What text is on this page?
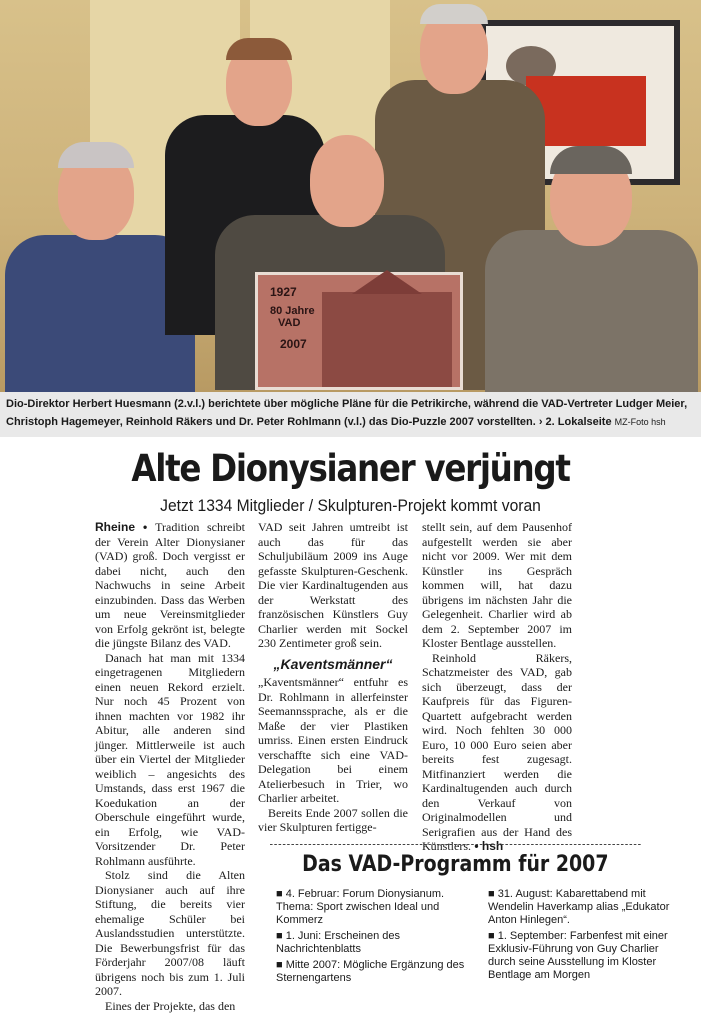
1927
80 Jahre
VAD
2007
Dio-Direktor Herbert Huesmann (2.v.l.) berichtete über mögliche Pläne für die Petrikirche, während die VAD-Vertreter Ludger Meier, Christoph Hagemeyer, Reinhold Räkers und Dr. Peter Rohlmann (v.l.) das Dio-Puzzle 2007 vorstellten. › 2. Lokalseite MZ-Foto hsh
Alte Dionysianer verjüngt
Jetzt 1334 Mitglieder / Skulpturen-Projekt kommt voran

Rheine • Tradition schreibt der Verein Alter Dionysianer (VAD) groß. Doch vergisst er dabei nicht, auch den Nachwuchs in seine Arbeit einzubinden. Dass das Werben um neue Vereinsmitglieder von Erfolg gekrönt ist, belegte die jüngste Bilanz des VAD.

Danach hat man mit 1334 eingetragenen Mitgliedern einen neuen Rekord erzielt. Nur noch 45 Prozent von ihnen machten vor 1982 ihr Abitur, alle anderen sind jünger. Mittlerweile ist auch über ein Viertel der Mitglieder weiblich – angesichts des Umstands, dass erst 1967 die Koedukation an der Oberschule eingeführt wurde, ein Erfolg, wie VAD-Vorsitzender Dr. Peter Rohlmann ausführte.

Stolz sind die Alten Dionysianer auch auf ihre Stiftung, die bereits vier ehemalige Schüler bei Auslandsstudien unterstützte. Die Bewerbungsfrist für das Förderjahr 2007/08 läuft übrigens noch bis zum 1. Juli 2007.

Eines der Projekte, das den

VAD seit Jahren umtreibt ist auch das für das Schuljubiläum 2009 ins Auge gefasste Skulpturen-Geschenk. Die vier Kardinaltugenden aus der Werkstatt des französischen Künstlers Guy Charlier werden mit Sockel 230 Zentimeter groß sein.

„Kaventsmänner“

„Kaventsmänner“ entfuhr es Dr. Rohlmann in allerfeinster Seemannssprache, als er die Maße der vier Plastiken umriss. Einen ersten Eindruck verschaffte sich eine VAD-Delegation bei einem Atelierbesuch in Trier, wo Charlier arbeitet.

Bereits Ende 2007 sollen die vier Skulpturen fertigge-

stellt sein, auf dem Pausenhof aufgestellt werden sie aber nicht vor 2009. Wer mit dem Künstler ins Gespräch kommen will, hat dazu übrigens im nächsten Jahr die Gelegenheit. Charlier wird ab dem 2. September 2007 im Kloster Bentlage ausstellen.

Reinhold Räkers, Schatzmeister des VAD, gab sich überzeugt, dass der Kaufpreis für das Figuren-Quartett aufgebracht werden wird. Noch fehlten 30 000 Euro, 10 000 Euro seien aber bereits fest zugesagt. Mitfinanziert werden die Kardinaltugenden auch durch den Verkauf von Originalmodellen und Serigrafien aus der Hand des Künstlers. • hsh

Das VAD-Programm für 2007

■ 4. Februar: Forum Dionysianum. Thema: Sport zwischen Ideal und Kommerz

■ 1. Juni: Erscheinen des Nachrichtenblatts

■ Mitte 2007: Mögliche Ergänzung des Sternengartens

■ 31. August: Kabarettabend mit Wendelin Haverkamp alias „Edukator Anton Hinlegen“.

■ 1. September: Farbenfest mit einer Exklusiv-Führung von Guy Charlier durch seine Ausstellung im Kloster Bentlage am Morgen
